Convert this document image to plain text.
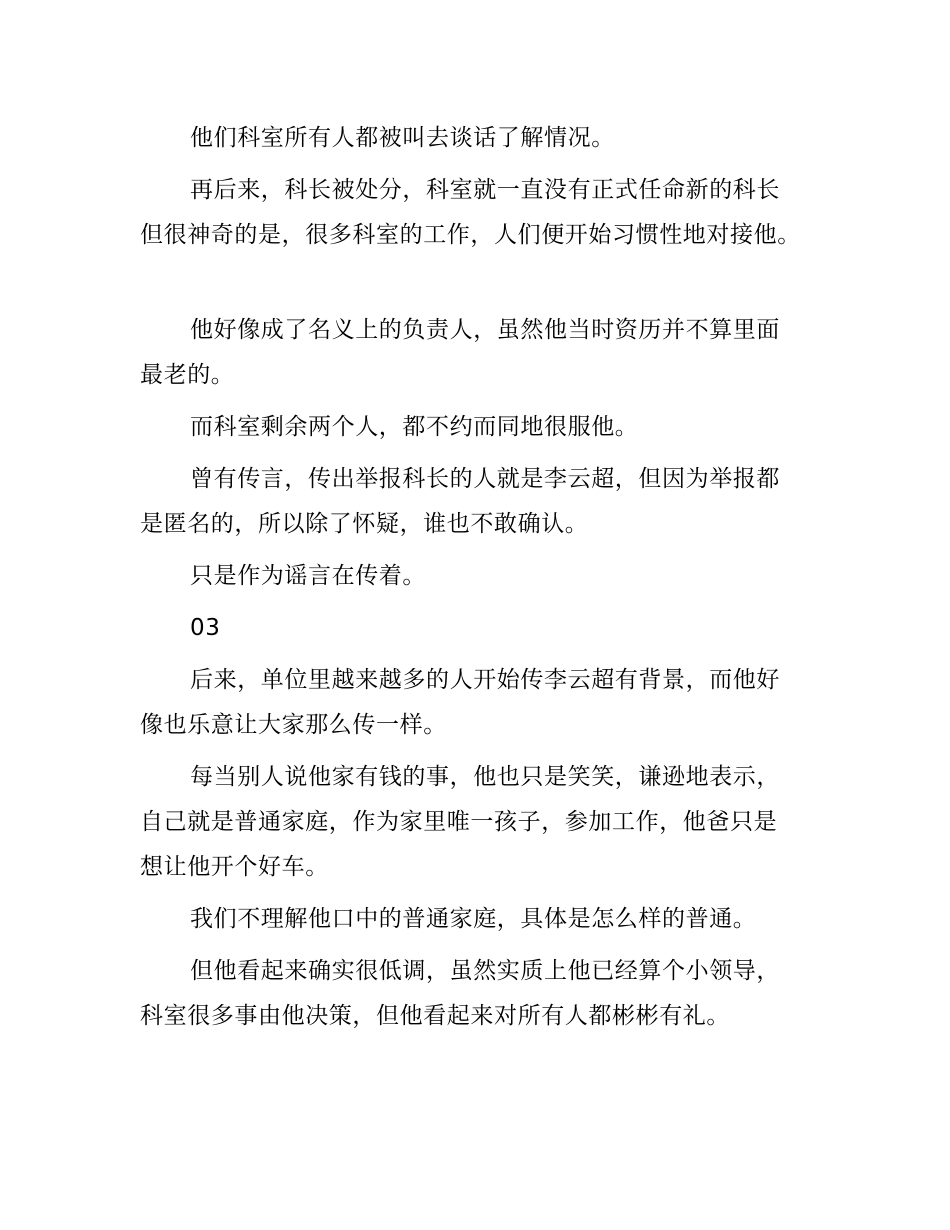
他们科室所有人都被叫去谈话了解情况。
再后来，科长被处分，科室就一直没有正式任命新的科长
但很神奇的是，很多科室的工作，人们便开始习惯性地对接他。
他好像成了名义上的负责人，虽然他当时资历并不算里面
最老的。
而科室剩余两个人，都不约而同地很服他。
曾有传言，传出举报科长的人就是李云超，但因为举报都
是匿名的，所以除了怀疑，谁也不敢确认。
只是作为谣言在传着。
03
后来，单位里越来越多的人开始传李云超有背景，而他好
像也乐意让大家那么传一样。
每当别人说他家有钱的事，他也只是笑笑，谦逊地表示，
自己就是普通家庭，作为家里唯一孩子，参加工作，他爸只是
想让他开个好车。
我们不理解他口中的普通家庭，具体是怎么样的普通。
但他看起来确实很低调，虽然实质上他已经算个小领导，
科室很多事由他决策，但他看起来对所有人都彬彬有礼。
